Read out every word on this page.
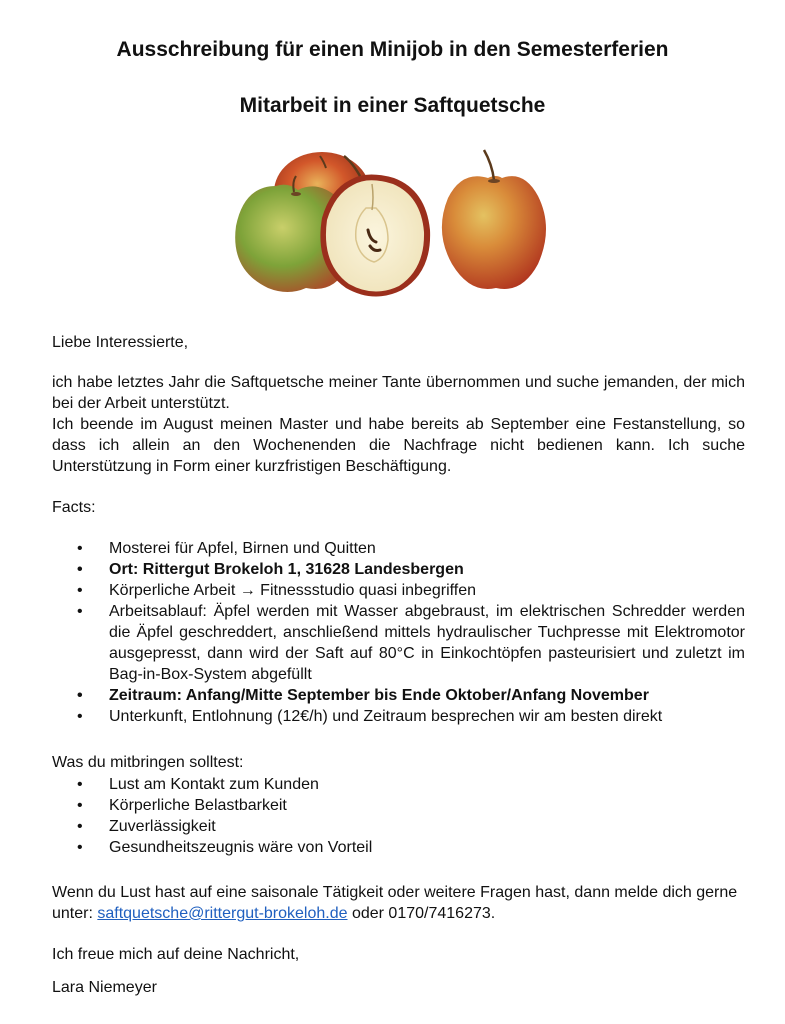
Ausschreibung für einen Minijob in den Semesterferien
Mitarbeit in einer Saftquetsche
Liebe Interessierte,
ich habe letztes Jahr die Saftquetsche meiner Tante übernommen und suche jemanden, der mich bei der Arbeit unterstützt.
Ich beende im August meinen Master und habe bereits ab September eine Festanstellung, so dass ich allein an den Wochenenden die Nachfrage nicht bedienen kann. Ich suche Unterstützung in Form einer kurzfristigen Beschäftigung.
Facts:
• Mosterei für Apfel, Birnen und Quitten
• Ort: Rittergut Brokeloh 1, 31628 Landesbergen
• Körperliche Arbeit → Fitnessstudio quasi inbegriffen
• Arbeitsablauf: Äpfel werden mit Wasser abgebraust, im elektrischen Schredder werden die Äpfel geschreddert, anschließend mittels hydraulischer Tuchpresse mit Elektromotor ausgepresst, dann wird der Saft auf 80°C in Einkochtöpfen pasteurisiert und zuletzt im Bag-in-Box-System abgefüllt
• Zeitraum: Anfang/Mitte September bis Ende Oktober/Anfang November
• Unterkunft, Entlohnung (12€/h) und Zeitraum besprechen wir am besten direkt
Was du mitbringen solltest:
• Lust am Kontakt zum Kunden
• Körperliche Belastbarkeit
• Zuverlässigkeit
• Gesundheitszeugnis wäre von Vorteil
Wenn du Lust hast auf eine saisonale Tätigkeit oder weitere Fragen hast, dann melde dich gerne unter: saftquetsche@rittergut-brokeloh.de oder 0170/7416273.
Ich freue mich auf deine Nachricht,
Lara Niemeyer
